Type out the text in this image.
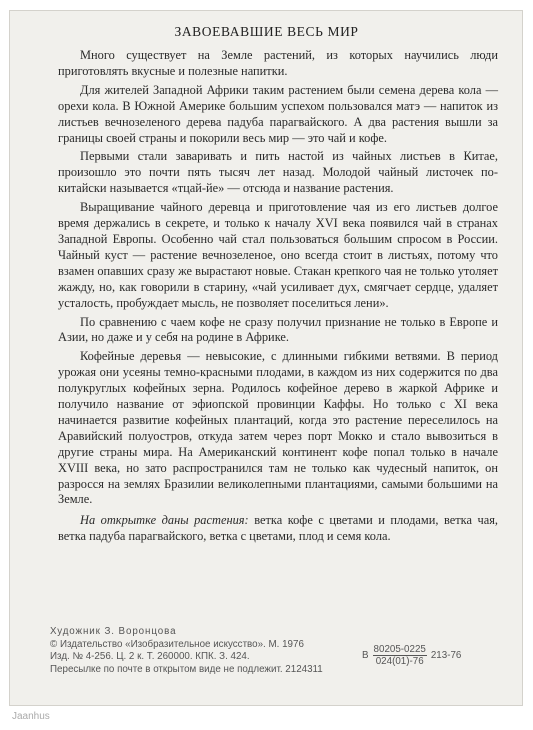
ЗАВОЕВАВШИЕ ВЕСЬ МИР

Много существует на Земле растений, из которых научились люди приготовлять вкусные и полезные напитки.

Для жителей Западной Африки таким растением были семена дерева кола — орехи кола. В Южной Америке большим успехом пользовался матэ — напиток из листьев вечнозеленого дерева падуба парагвайского. А два растения вышли за границы своей страны и покорили весь мир — это чай и кофе.

Первыми стали заваривать и пить настой из чайных листьев в Китае, произошло это почти пять тысяч лет назад. Молодой чайный листочек по-китайски называется «тцай-йе» — отсюда и название растения.

Выращивание чайного деревца и приготовление чая из его листьев долгое время держались в секрете, и только к началу XVI века появился чай в странах Западной Европы. Особенно чай стал пользоваться большим спросом в России. Чайный куст — растение вечнозеленое, оно всегда стоит в листьях, потому что взамен опавших сразу же вырастают новые. Стакан крепкого чая не только утоляет жажду, но, как говорили в старину, «чай усиливает дух, смягчает сердце, удаляет усталость, пробуждает мысль, не позволяет поселиться лени».

По сравнению с чаем кофе не сразу получил признание не только в Европе и Азии, но даже и у себя на родине в Африке.

Кофейные деревья — невысокие, с длинными гибкими ветвями. В период урожая они усеяны темно-красными плодами, в каждом из них содержится по два полукруглых кофейных зерна. Родилось кофейное дерево в жаркой Африке и получило название от эфиопской провинции Каффы. Но только с XI века начинается развитие кофейных плантаций, когда это растение переселилось на Аравийский полуостров, откуда затем через порт Мокко и стало вывозиться в другие страны мира. На Американский континент кофе попал только в начале XVIII века, но зато распространился там не только как чудесный напиток, он разросся на землях Бразилии великолепными плантациями, самыми большими на Земле.

На открытке даны растения: ветка кофе с цветами и плодами, ветка чая, ветка падуба парагвайского, ветка с цветами, плод и семя кола.

Художник З. Воронцова
© Издательство «Изобразительное искусство». М. 1976
Изд. № 4-256. Ц. 2 к. Т. 260000. КПК. З. 424.
Пересылке по почте в открытом виде не подлежит. 2124311
В $\frac{80205-0225}{024(01)-76} 213-76$
Jaanhus
